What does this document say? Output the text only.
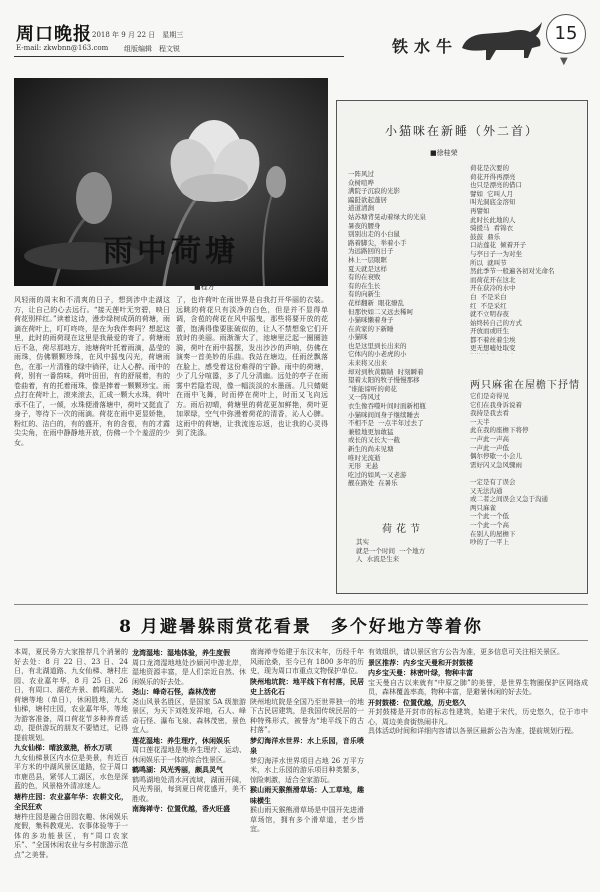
周口晚报 2018 年 9 月 22 日　星期三
E-mail: zkwbnn@163.com 组版编辑　程文锐	铁水牛
15
▼
雨中荷塘
■程方
风轻雨的周末和不清爽的日子，想到涉中走湖这方，让自己的心去远行。“接天莲叶无穷碧，映日荷花别样红。”读着这诗，漫步绿树成荫的荷塘，雨滴在荷叶上，叮叮咚咚，是在为我伴奏吗？想起这里，此时的雨荷现在这里是我最爱的寄了。荷塘雨后不急，荷尽那地方，池塘荷叶托着雨滴，晶莹的雨珠，仿佛颗颗珍珠，在风中摇曳闪光，荷塘雨色，在那一片清雅的绿中徜徉，让人心醉。雨中的荷，别有一番韵味，荷叶田田，有的舒展着，有的卷曲着，有的托着雨珠，像是捧着一颗颗珍宝。雨点打在荷叶上，滚来滚去，汇成一颗大水珠，荷叶承不住了，一倾，水珠便滑落塘中，荷叶又挺直了身子，等待下一次的雨滴。荷花在雨中更显娇艳，粉红的、洁白的，有的盛开，有的含苞，有的才露尖尖角，在雨中静静地开放，仿佛一个个羞涩的少女。
了，也许荷叶在雨世界是自我打开华丽的衣装。远眺的荷花只有淡净的白色，但是并不显得单调，含苞的荷花在风中摇曳，那些将要开放的花蕾，饱满得像要胀破似的，让人不禁想象它们开放时的美丽。雨渐渐大了，池塘里泛起一圈圈涟漪，荷叶在雨中摇摆，发出沙沙的声响，仿佛在演奏一首美妙的乐曲。我站在塘边，任雨丝飘落在脸上，感受着这份难得的宁静。雨中的荷塘，少了几分喧嚣，多了几分清幽。远处的亭子在雨雾中若隐若现，像一幅淡淡的水墨画。几只蜻蜓在雨中飞舞，时而停在荷叶上，时而又飞向远方。雨后初晴，荷塘里的荷花更加鲜艳，荷叶更加翠绿，空气中弥漫着荷花的清香，沁人心脾。这雨中的荷塘，让我流连忘返，也让我的心灵得到了洗涤。
小猫咪在新睡（外二首）
■徐桂荣
一阵风过
众树喧哗
满院子沉寂的光影
蹁跹欲起蓬居
道道清涧
姑苏塘背晃动着绿大的光泉
暑夜的腰身
别别出走的小白鼠
路着脚尖，举着小手
为远路回的日子
林上一层眼眶
夏天就是这样
有的在衰败
有的在生长
有的向新生
花样翻新  眼花缭乱
但那快如二又远去稀呵
小猫咪懒着身子
在黄家的下新睡
小猫咪
也是这里到长出来的
它体内的小老虎的小
未来将又出来
却对到秋黄瞎睛  时刻瞬着
望着太阳的牧子慢慢那移
“谁能谛听的荷花
又一阵风过
衣生像吞噬叶间时面新相瓶
小猫咪间间身子继续睡去
不相不是  一点半年过去了
兼般地更加敢猛
或长的又长大一截
新生的尚未见塘
唯时光流逝
无形  无悬
吃过的如风一又老游
靓在路处  在暑乐
荷花是次要的
荷花开得再漂亮
也只是漂亮的借口
譬如  它叫人月
叫光洞底金溶知
再譬如
此时长此地的人
骑援马  看锦衣
鼓鼓  鼎乐
口站莲花  倾着开子
与亭日子一为对坐
所以  就叫节
然此季节一般遍各初对光命名
而荷花开在这北
开在获冷的水中
白  不是采白
红  不是采红
就不立明春夜
始终转自己的方式
开放而或旺生
都不着丝着尘埃
更无想嘘处取变

两只麻雀在屋檐下抒情
它们是奇得见
它们在我身诉说着
我持是我去看
一天半
此在我的座檐下将停
一声此一声高
一声此一声低
偶尔停歇一小会儿
需好闪又急风骤雨

一定是有了误会
又无法沟通
或二者之间误会又急于沟通
两只麻雀
一个此一个低
一个此一个高
在别人的屋檐下
吵的了一平上
荷花节
其实
就是一个时间  一个地方
人  水流是生来
8 月避暑躲雨赏花看景　多个好地方等着你
本周，夏民务方大家推荐几个消暑的好去处：8 月 22 日、23 日、24 日，有北湖道路、九女仙梯、塘村庄园、农业嘉年华，8 月 25 日、26 日，有周口、湖花卉景、鹤鸣湖光、荷塘等地（单日），休闲胜地，九女仙梯，塘村庄园，农业嘉年华，等地为游客准备，周口荷花节多种养育活动，提供游玩的朋友不要错过，记得提前规划。
九女仙梯：晴波潋滟，桥水万顷
九女仙梯景区内水位是美景，有近百平方米的中湖风景区道路，位于周口市鹿邑县，紧邻人工湖区，水色是深蓝的色，风景格外清凉迷人。
塘杵庄园：农业嘉年华：农耕文化，全民狂欢
塘杵庄园是融合田园农趣、休闲娱乐度假，集科教观光、农事体验等于一体的多功能景区，有“周口农家乐”、“全国休闲农业与乡村旅游示范点”之美誉。
龙湾湿地：湿地体验，养生度假
周口龙湾湿地地处沙颍河中游北岸，湿地资源丰富，是人们亲近自然、休闲娱乐的好去处。
尧山：峰奇石怪，森林茂密
尧山风景名胜区，是国家 5A 级旅游景区，为天下刘姓发祥地，石人、峰奇石怪、瀑布飞泉、森林茂密，景色宜人。
莲花湿地：养生理疗，休闲娱乐
周口莲花湿地是集养生理疗、运动、休闲娱乐于一体的综合性景区。
鹤鸣湖：风光秀丽，颇具灵气
鹤鸣湖地处清水河流域，湖面开阔，风光秀丽，每到夏日荷花盛开，美不胜收。
南海禅寺：位置优越，香火旺盛
南海禅寺始建于东汉末年，历经千年风雨沧桑，至今已有 1800 多年的历史，现为周口市重点文物保护单位。
陕州地坑院：地平线下有村落，民居史上活化石
陕州地坑院是全国乃至世界独一的地下古民居建筑，是我国传统民居的一种特殊形式，被誉为“地平线下的古村落”。
梦幻海洋水世界：水上乐园，音乐喷泉
梦幻海洋水世界项目占地 26 万平方米，水上乐园的游乐项目种类繁多，惊险刺激，适合全家游玩。
猴山雨天猴熊滑草场：人工草地，趣味横生
猴山雨天猴熊滑草场是中国开先进滑草场馆，拥有多个滑草道，老少皆宜。
有效组织，请以景区官方公告为准，更多信息可关注相关景区。
景区推荐：内乡宝天曼和开封鼓楼
内乡宝天曼：林密叶绿，物种丰富
宝天曼自古以来就有“中原之肺”的美誉，是世界生物圈保护区网络成员，森林覆盖率高，物种丰富，是避暑休闲的好去处。
开封鼓楼：位置优越，历史悠久
开封鼓楼是开封市的标志性建筑，始建于宋代，历史悠久，位于市中心，周边美食街热闹非凡。
具体活动时间和详细内容请以各景区最新公告为准，提前规划行程。
